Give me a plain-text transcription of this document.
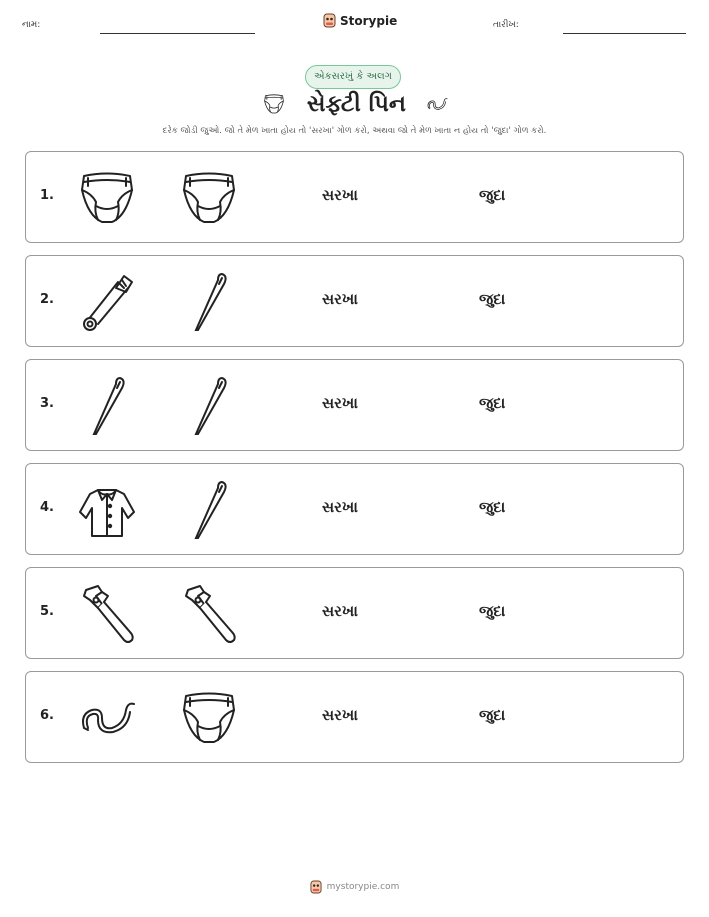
નામ:	Storypie	તારીખ:
એકસરખું કે અલગ
સેફ્ટી પિન
દરેક જોડી જુઓ. જો તે મેળ ખાતા હોય તો 'સરખા' ગોળ કરો, અથવા જો તે મેળ ખાતા ન હોય તો 'જુદા' ગોળ કરો.
1.	સરખા	જુદા
2.	સરખા	જુદા
3.	સરખા	જુદા
4.	સરખા	જુદા
5.	સરખા	જુદા
6.	સરખા	જુદા
mystorypie.com
